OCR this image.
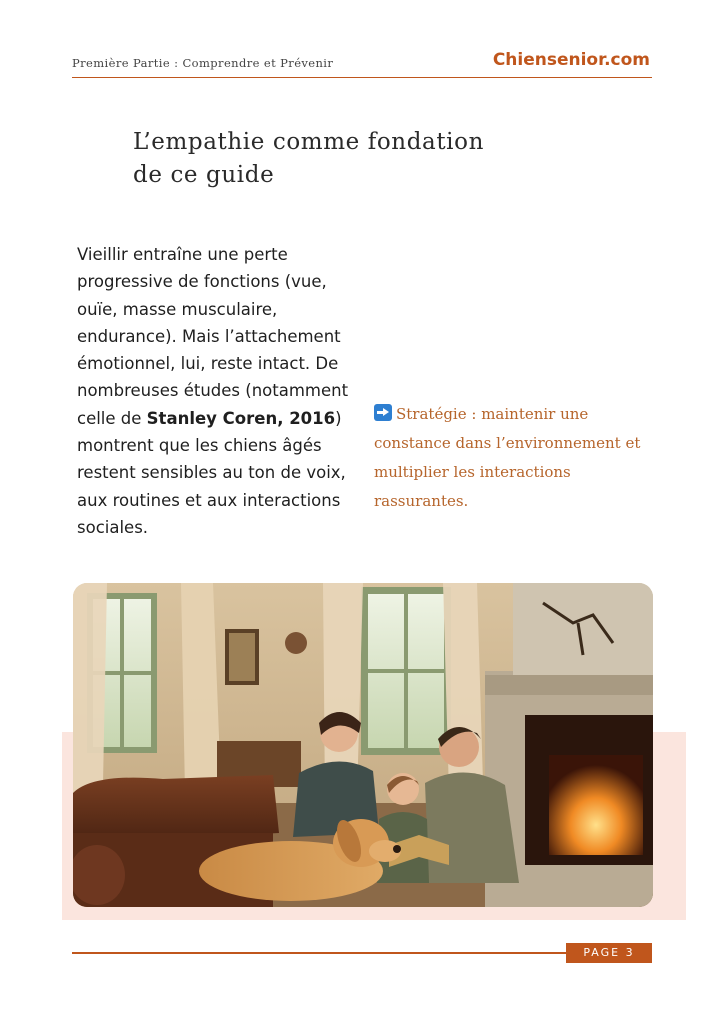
Première Partie : Comprendre et Prévenir	Chiensenior.com
L’empathie comme fondation
de ce guide

Vieillir entraîne une perte progressive de fonctions (vue, ouïe, masse musculaire, endurance). Mais l’attachement émotionnel, lui, reste intact. De nombreuses études (notamment celle de Stanley Coren, 2016) montrent que les chiens âgés restent sensibles au ton de voix, aux routines et aux interactions sociales.

Stratégie : maintenir une constance dans l’environnement et multiplier les interactions rassurantes.

PAGE 3
